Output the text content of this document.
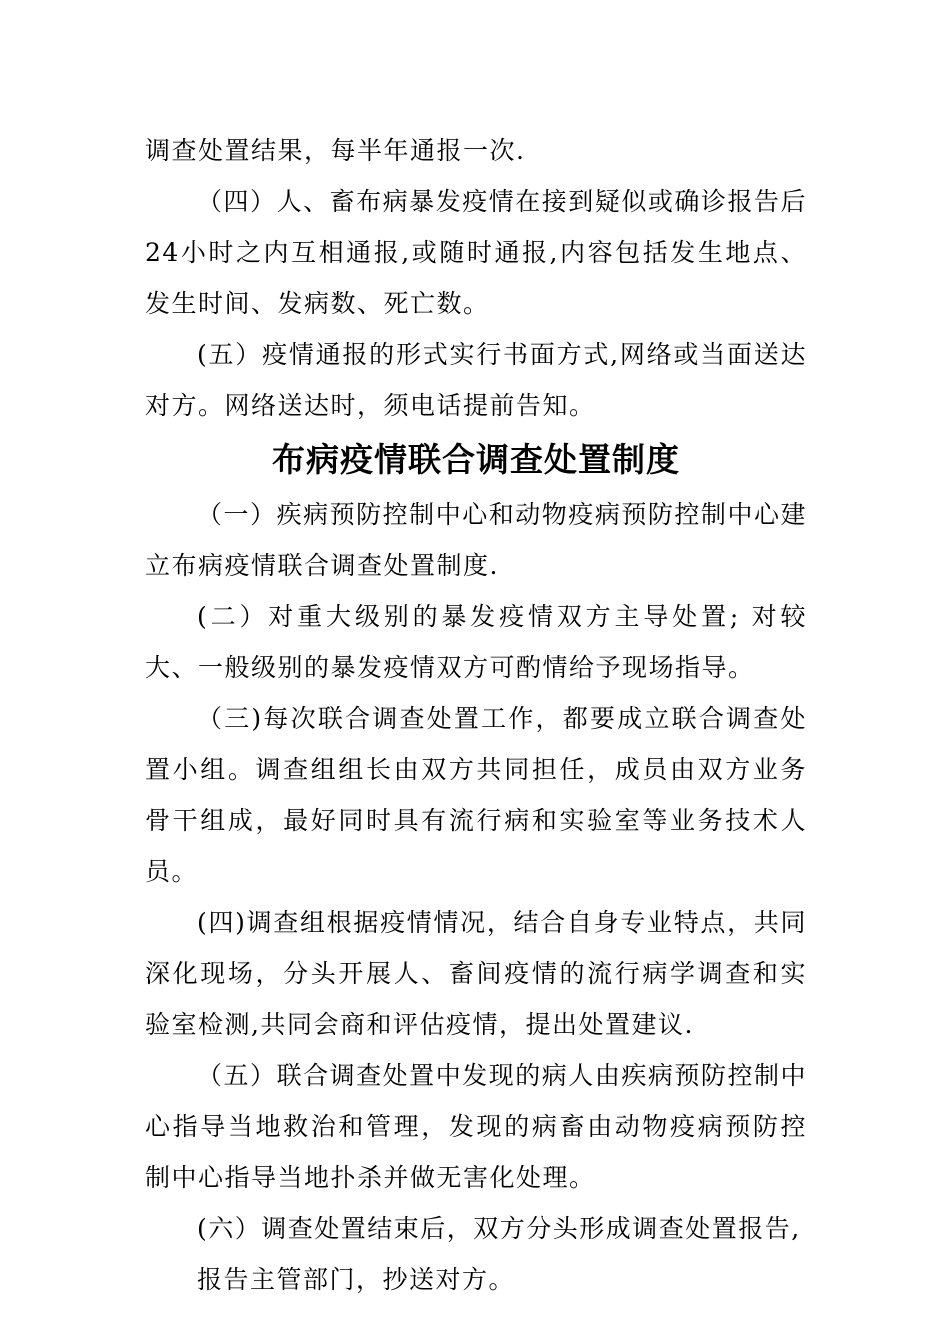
调查处置结果，每半年通报一次.

（四）人、畜布病暴发疫情在接到疑似或确诊报告后24小时之内互相通报,或随时通报,内容包括发生地点、发生时间、发病数、死亡数。

(五）疫情通报的形式实行书面方式,网络或当面送达对方。网络送达时，须电话提前告知。

布病疫情联合调查处置制度

（一）疾病预防控制中心和动物疫病预防控制中心建立布病疫情联合调查处置制度.

(二）对重大级别的暴发疫情双方主导处置; 对较大、一般级别的暴发疫情双方可酌情给予现场指导。

（三)每次联合调查处置工作，都要成立联合调查处置小组。调查组组长由双方共同担任，成员由双方业务骨干组成，最好同时具有流行病和实验室等业务技术人员。

(四)调查组根据疫情情况，结合自身专业特点，共同深化现场，分头开展人、畜间疫情的流行病学调查和实验室检测,共同会商和评估疫情，提出处置建议.

（五）联合调查处置中发现的病人由疾病预防控制中心指导当地救治和管理，发现的病畜由动物疫病预防控制中心指导当地扑杀并做无害化处理。

(六）调查处置结束后，双方分头形成调查处置报告,

报告主管部门，抄送对方。
